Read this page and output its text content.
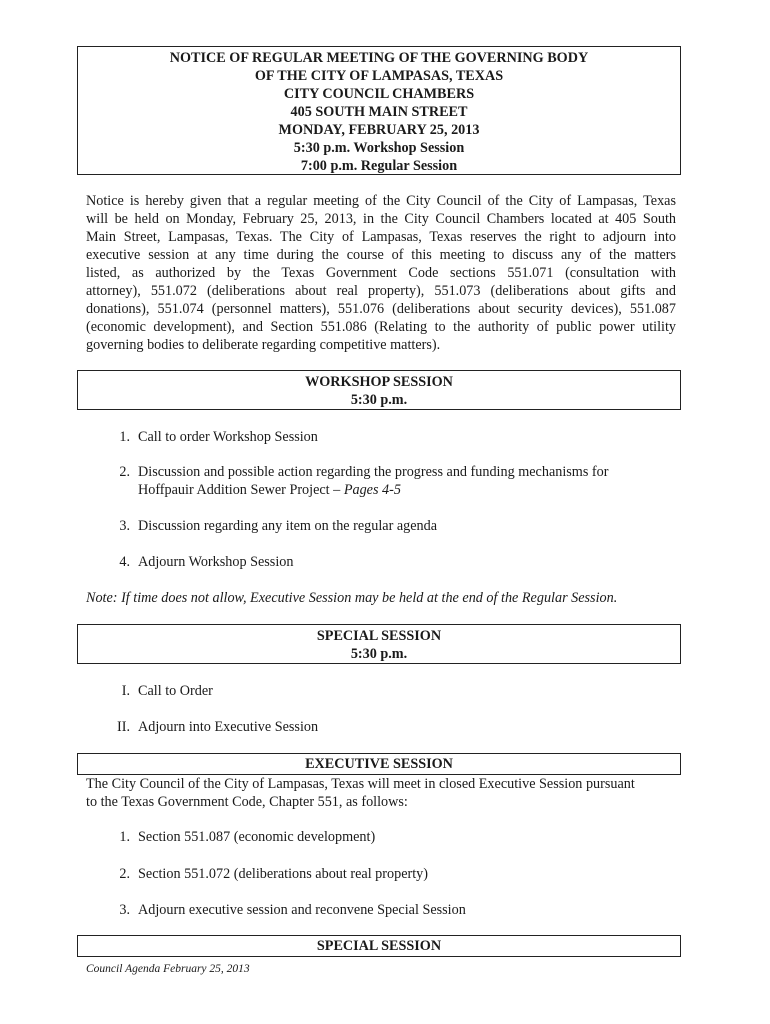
NOTICE OF REGULAR MEETING OF THE GOVERNING BODY
OF THE CITY OF LAMPASAS, TEXAS
CITY COUNCIL CHAMBERS
405 SOUTH MAIN STREET
MONDAY, FEBRUARY 25, 2013
5:30 p.m. Workshop Session
7:00 p.m. Regular Session
Notice is hereby given that a regular meeting of the City Council of the City of Lampasas, Texas
will be held on Monday, February 25, 2013, in the City Council Chambers located at 405 South
Main Street, Lampasas, Texas. The City of Lampasas, Texas reserves the right to adjourn into
executive session at any time during the course of this meeting to discuss any of the matters
listed, as authorized by the Texas Government Code sections 551.071 (consultation with
attorney), 551.072 (deliberations about real property), 551.073 (deliberations about gifts and
donations), 551.074 (personnel matters), 551.076 (deliberations about security devices), 551.087
(economic development), and Section 551.086 (Relating to the authority of public power utility
governing bodies to deliberate regarding competitive matters).
WORKSHOP SESSION
5:30 p.m.
1. Call to order Workshop Session
2. Discussion and possible action regarding the progress and funding mechanisms for
Hoffpauir Addition Sewer Project – Pages 4-5
3. Discussion regarding any item on the regular agenda
4. Adjourn Workshop Session
Note: If time does not allow, Executive Session may be held at the end of the Regular Session.
SPECIAL SESSION
5:30 p.m.
I. Call to Order
II. Adjourn into Executive Session
EXECUTIVE SESSION
The City Council of the City of Lampasas, Texas will meet in closed Executive Session pursuant
to the Texas Government Code, Chapter 551, as follows:
1. Section 551.087 (economic development)
2. Section 551.072 (deliberations about real property)
3. Adjourn executive session and reconvene Special Session
SPECIAL SESSION
Council Agenda February 25, 2013
